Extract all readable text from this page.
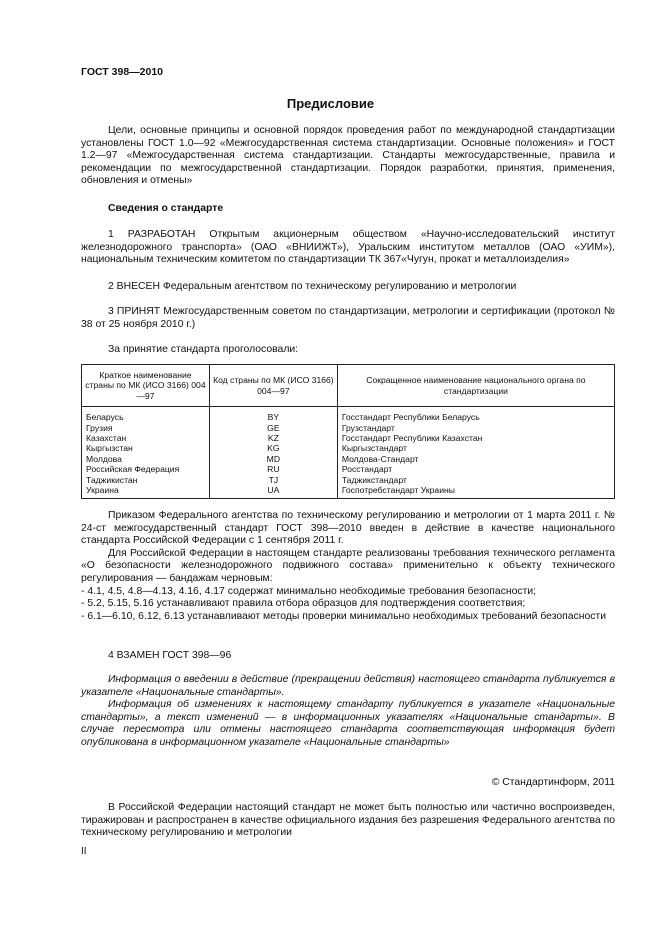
ГОСТ 398—2010
Предисловие

Цели, основные принципы и основной порядок проведения работ по международной стандартизации установлены ГОСТ 1.0—92 «Межгосударственная система стандартизации. Основные положения» и ГОСТ 1.2—97 «Межгосударственная система стандартизации. Стандарты межгосударственные, правила и рекомендации по межгосударственной стандартизации. Порядок разработки, принятия, применения, обновления и отмены»

Сведения о стандарте

1 РАЗРАБОТАН Открытым акционерным обществом «Научно-исследовательский институт железнодорожного транспорта» (ОАО «ВНИИЖТ»), Уральским институтом металлов (ОАО «УИМ»), национальным техническим комитетом по стандартизации ТК 367«Чугун, прокат и металлоизделия»

2 ВНЕСЕН Федеральным агентством по техническому регулированию и метрологии

3 ПРИНЯТ Межгосударственным советом по стандартизации, метрологии и сертификации (протокол № 38 от 25 ноября 2010 г.)

За принятие стандарта проголосовали:

Краткое наименование страны по МК (ИСО 3166) 004—97	Код страны по МК (ИСО 3166) 004—97	Сокращенное наименование национального органа по стандартизации
Беларусь	BY	Госстандарт Республики Беларусь
Грузия	GE	Грузстандарт
Казахстан	KZ	Госстандарт Республики Казахстан
Кыргызстан	KG	Кыргызстандарт
Молдова	MD	Молдова-Стандарт
Российская Федерация	RU	Росстандарт
Таджикистан	TJ	Таджикстандарт
Украина	UA	Госпотребстандарт Украины

Приказом Федерального агентства по техническому регулированию и метрологии от 1 марта 2011 г. № 24-ст межгосударственный стандарт ГОСТ 398—2010 введен в действие в качестве национального стандарта Российской Федерации с 1 сентября 2011 г.

Для Российской Федерации в настоящем стандарте реализованы требования технического регламента «О безопасности железнодорожного подвижного состава» применительно к объекту технического регулирования — бандажам черновым:

- 4.1, 4.5, 4.8—4.13, 4.16, 4.17 содержат минимально необходимые требования безопасности;

- 5.2, 5.15, 5.16 устанавливают правила отбора образцов для подтверждения соответствия;

- 6.1—6.10, 6.12, 6.13 устанавливают методы проверки минимально необходимых требований безопасности

4 ВЗАМЕН ГОСТ 398—96

Информация о введении в действие (прекращении действия) настоящего стандарта публикуется в указателе «Национальные стандарты».

Информация об изменениях к настоящему стандарту публикуется в указателе «Национальные стандарты», а текст изменений — в информационных указателях «Национальные стандарты». В случае пересмотра или отмены настоящего стандарта соответствующая информация будет опубликована в информационном указателе «Национальные стандарты»

© Стандартинформ, 2011

В Российской Федерации настоящий стандарт не может быть полностью или частично воспроизведен, тиражирован и распространен в качестве официального издания без разрешения Федерального агентства по техническому регулированию и метрологии

II
